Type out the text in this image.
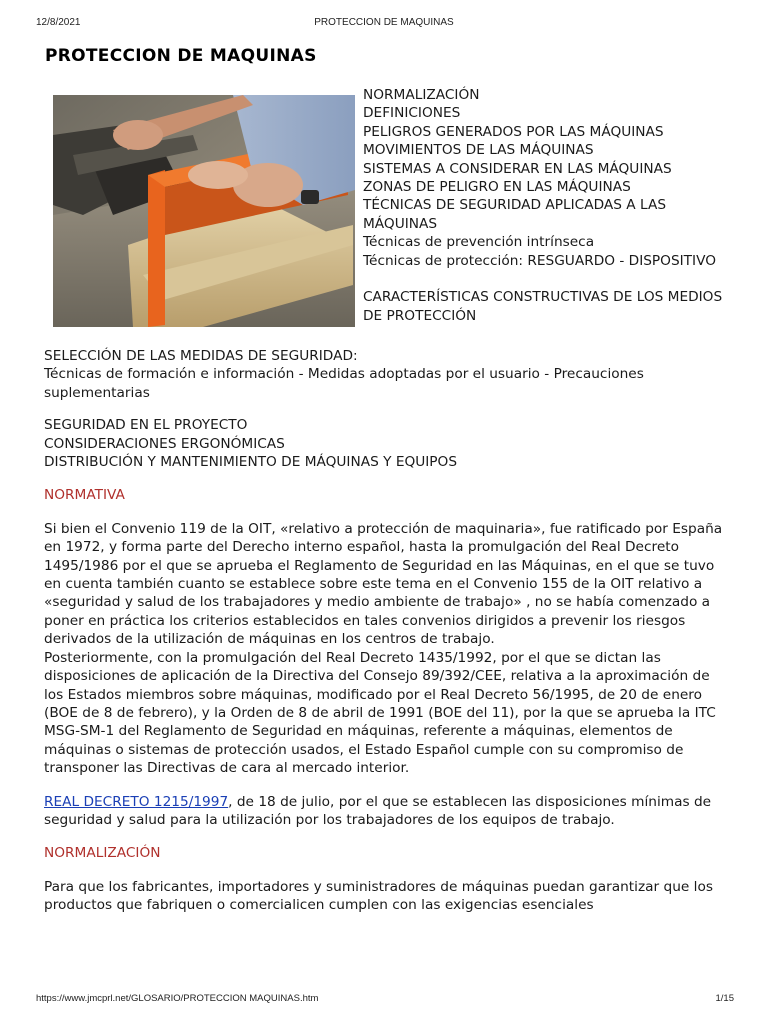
12/8/2021	PROTECCION DE MAQUINAS
PROTECCION DE MAQUINAS
NORMALIZACIÓN
DEFINICIONES
PELIGROS GENERADOS POR LAS MÁQUINAS
MOVIMIENTOS DE LAS MÁQUINAS
SISTEMAS A CONSIDERAR EN LAS MÁQUINAS
ZONAS DE PELIGRO EN LAS MÁQUINAS
TÉCNICAS DE SEGURIDAD APLICADAS A LAS MÁQUINAS
Técnicas de prevención intrínseca
Técnicas de protección: RESGUARDO - DISPOSITIVO
CARACTERÍSTICAS CONSTRUCTIVAS DE LOS MEDIOS DE PROTECCIÓN

SELECCIÓN DE LAS MEDIDAS DE SEGURIDAD:

Técnicas de formación e información - Medidas adoptadas por el usuario - Precauciones suplementarias

SEGURIDAD EN EL PROYECTO

CONSIDERACIONES ERGONÓMICAS

DISTRIBUCIÓN Y MANTENIMIENTO DE MÁQUINAS Y EQUIPOS

NORMATIVA

Si bien el Convenio 119 de la OIT, «relativo a protección de maquinaria», fue ratificado por España en 1972, y forma parte del Derecho interno español, hasta la promulgación del Real Decreto 1495/1986 por el que se aprueba el Reglamento de Seguridad en las Máquinas, en el que se tuvo en cuenta también cuanto se establece sobre este tema en el Convenio 155 de la OIT relativo a «seguridad y salud de los trabajadores y medio ambiente de trabajo» , no se había comenzado a poner en práctica los criterios establecidos en tales convenios dirigidos a prevenir los riesgos derivados de la utilización de máquinas en los centros de trabajo.

Posteriormente, con la promulgación del Real Decreto 1435/1992, por el que se dictan las disposiciones de aplicación de la Directiva del Consejo 89/392/CEE, relativa a la aproximación de los Estados miembros sobre máquinas, modificado por el Real Decreto 56/1995, de 20 de enero (BOE de 8 de febrero), y la Orden de 8 de abril de 1991 (BOE del 11), por la que se aprueba la ITC MSG-SM-1 del Reglamento de Seguridad en máquinas, referente a máquinas, elementos de máquinas o sistemas de protección usados, el Estado Español cumple con su compromiso de transponer las Directivas de cara al mercado interior.

REAL DECRETO 1215/1997, de 18 de julio, por el que se establecen las disposiciones mínimas de seguridad y salud para la utilización por los trabajadores de los equipos de trabajo.

NORMALIZACIÓN

Para que los fabricantes, importadores y suministradores de máquinas puedan garantizar que los productos que fabriquen o comercialicen cumplen con las exigencias esenciales

https://www.jmcprl.net/GLOSARIO/PROTECCION MAQUINAS.htm	1/15
